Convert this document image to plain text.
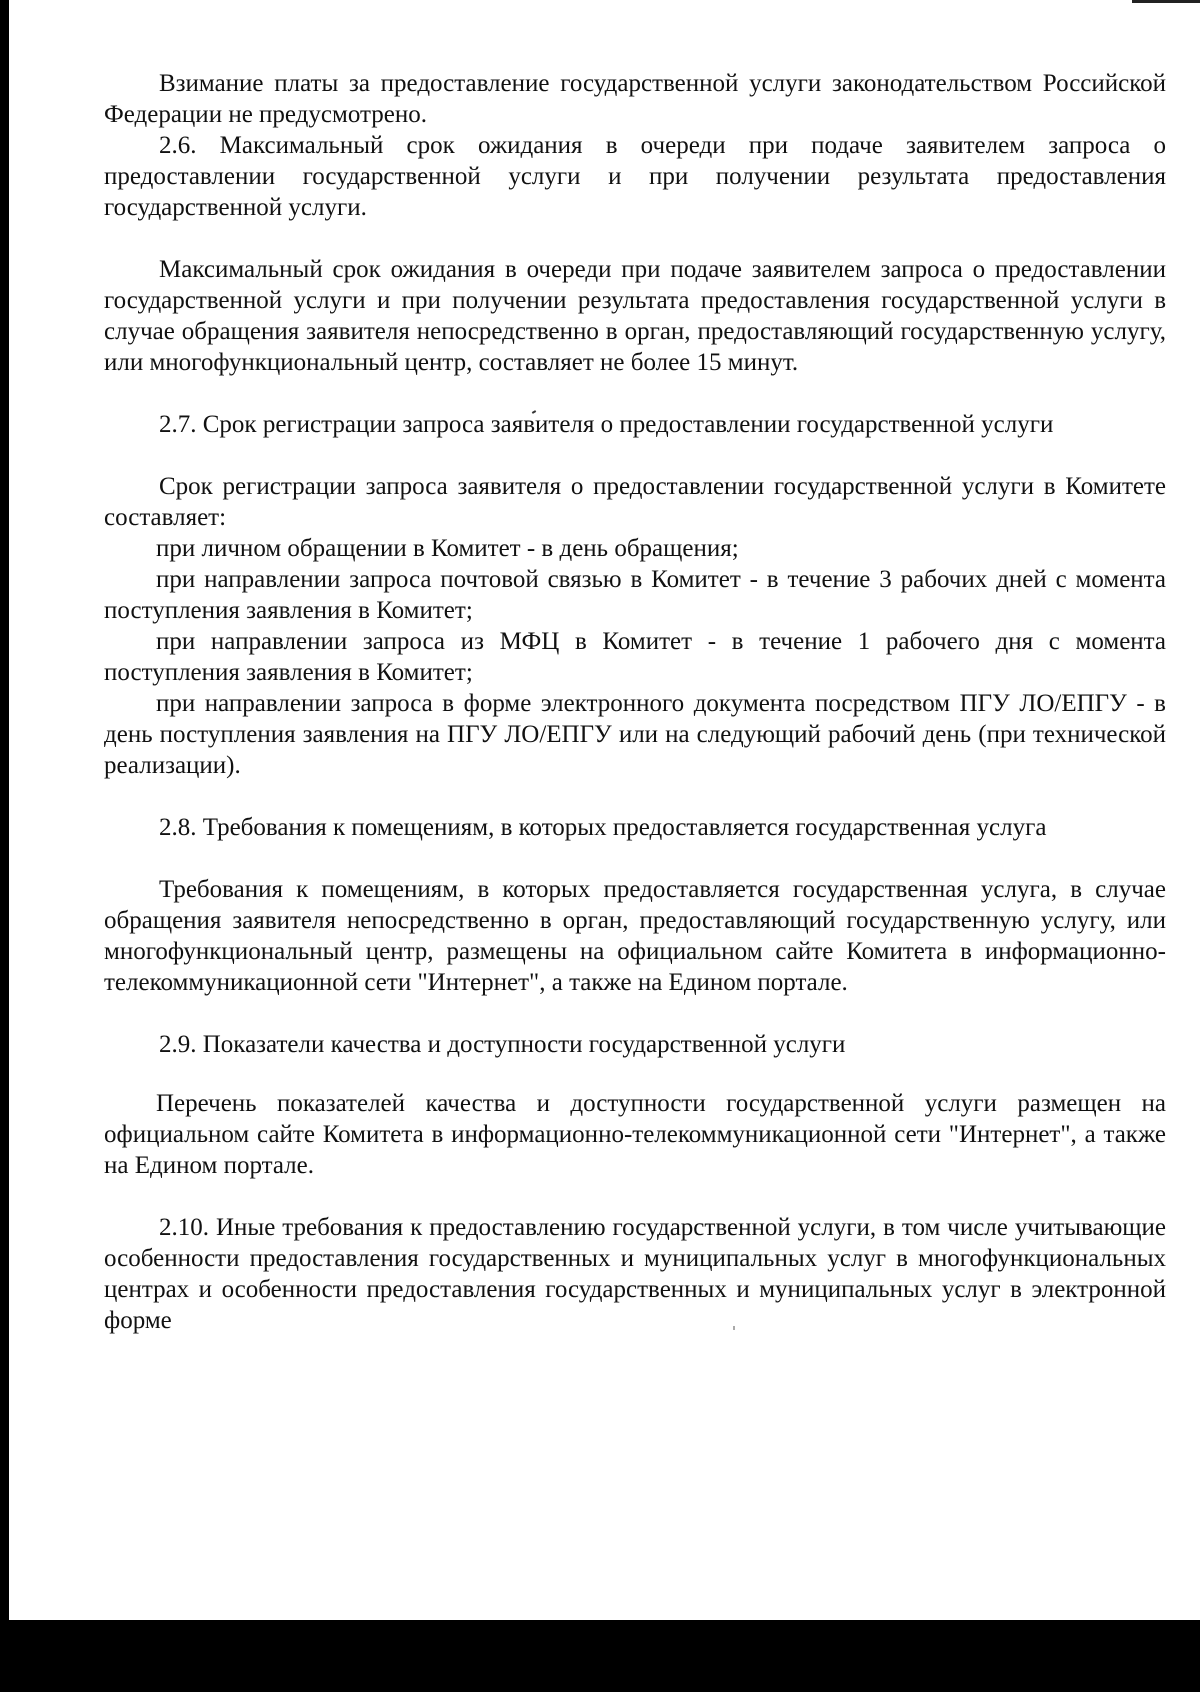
Взимание платы за предоставление государственной услуги законодательством Российской Федерации не предусмотрено.

2.6. Максимальный срок ожидания в очереди при подаче заявителем запроса о предоставлении государственной услуги и при получении результата предоставления государственной услуги.

Максимальный срок ожидания в очереди при подаче заявителем запроса о предоставлении государственной услуги и при получении результата предоставления государственной услуги в случае обращения заявителя непосредственно в орган, предоставляющий государственную услугу, или многофункциональный центр, составляет не более 15 минут.

2.7. Срок регистрации запроса заявителя о предоставлении государственной услуги

Срок регистрации запроса заявителя о предоставлении государственной услуги в Комитете составляет:

при личном обращении в Комитет - в день обращения;

при направлении запроса почтовой связью в Комитет - в течение 3 рабочих дней с момента поступления заявления в Комитет;

при направлении запроса из МФЦ в Комитет - в течение 1 рабочего дня с момента поступления заявления в Комитет;

при направлении запроса в форме электронного документа посредством ПГУ ЛО/ЕПГУ - в день поступления заявления на ПГУ ЛО/ЕПГУ или на следующий рабочий день (при технической реализации).

2.8. Требования к помещениям, в которых предоставляется государственная услуга

Требования к помещениям, в которых предоставляется государственная услуга, в случае обращения заявителя непосредственно в орган, предоставляющий государственную услугу, или многофункциональный центр, размещены на официальном сайте Комитета в информационно-телекоммуникационной сети "Интернет", а также на Едином портале.

2.9. Показатели качества и доступности государственной услуги

Перечень показателей качества и доступности государственной услуги размещен на официальном сайте Комитета в информационно-телекоммуникационной сети "Интернет", а также на Едином портале.

2.10. Иные требования к предоставлению государственной услуги, в том числе учитывающие особенности предоставления государственных и муниципальных услуг в многофункциональных центрах и особенности предоставления государственных и муниципальных услуг в электронной форме
